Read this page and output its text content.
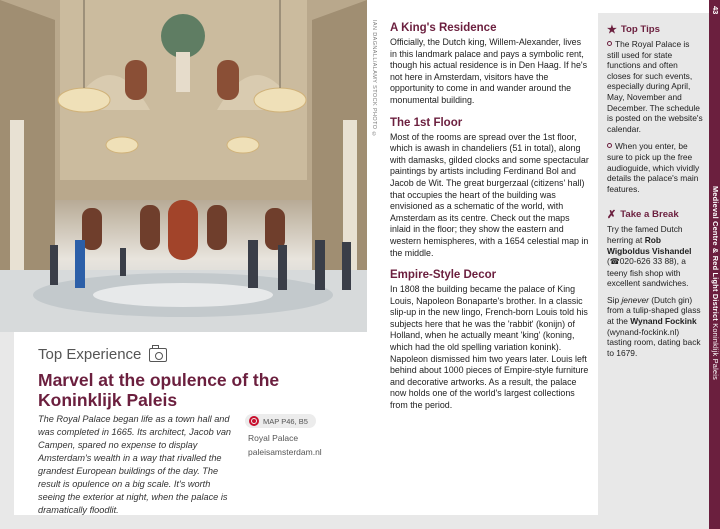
IAN DAGNALL/ALAMY STOCK PHOTO ©
Top Experience
Marvel at the opulence of the Koninklijk Paleis
The Royal Palace began life as a town hall and was completed in 1665. Its architect, Jacob van Campen, spared no expense to display Amsterdam's wealth in a way that rivalled the grandest European buildings of the day. The result is opulence on a big scale. It's worth seeing the exterior at night, when the palace is dramatically floodlit.
MAP P46, B5
Royal Palace
paleisamsterdam.nl
A King's Residence

Officially, the Dutch king, Willem-Alexander, lives in this landmark palace and pays a symbolic rent, though his actual residence is in Den Haag. If he's not here in Amsterdam, visitors have the opportunity to come in and wander around the monumental building.

The 1st Floor

Most of the rooms are spread over the 1st floor, which is awash in chandeliers (51 in total), along with damasks, gilded clocks and some spectacular paintings by artists including Ferdinand Bol and Jacob de Wit. The great burgerzaal (citizens' hall) that occupies the heart of the building was envisioned as a schematic of the world, with Amsterdam as its centre. Check out the maps inlaid in the floor; they show the eastern and western hemispheres, with a 1654 celestial map in the middle.

Empire-Style Decor

In 1808 the building became the palace of King Louis, Napoleon Bonaparte's brother. In a classic slip-up in the new lingo, French-born Louis told his subjects here that he was the 'rabbit' (konijn) of Holland, when he actually meant 'king' (koning, which had the old spelling variation konink). Napoleon dismissed him two years later. Louis left behind about 1000 pieces of Empire-style furniture and decorative artworks. As a result, the palace now holds one of the world's largest collections from the period.

★ Top Tips
The Royal Palace is still used for state functions and often closes for such events, especially during April, May, November and December. The schedule is posted on the website's calendar.
When you enter, be sure to pick up the free audioguide, which vividly details the palace's main features.
✗ Take a Break

Try the famed Dutch herring at Rob Wigboldus Vishandel (☎020-626 33 88), a teeny fish shop with excellent sandwiches.

Sip jenever (Dutch gin) from a tulip-shaped glass at the Wynand Fockink (wynand-fockink.nl) tasting room, dating back to 1679.

43
Medieval Centre & Red Light District Koninklijk Paleis
